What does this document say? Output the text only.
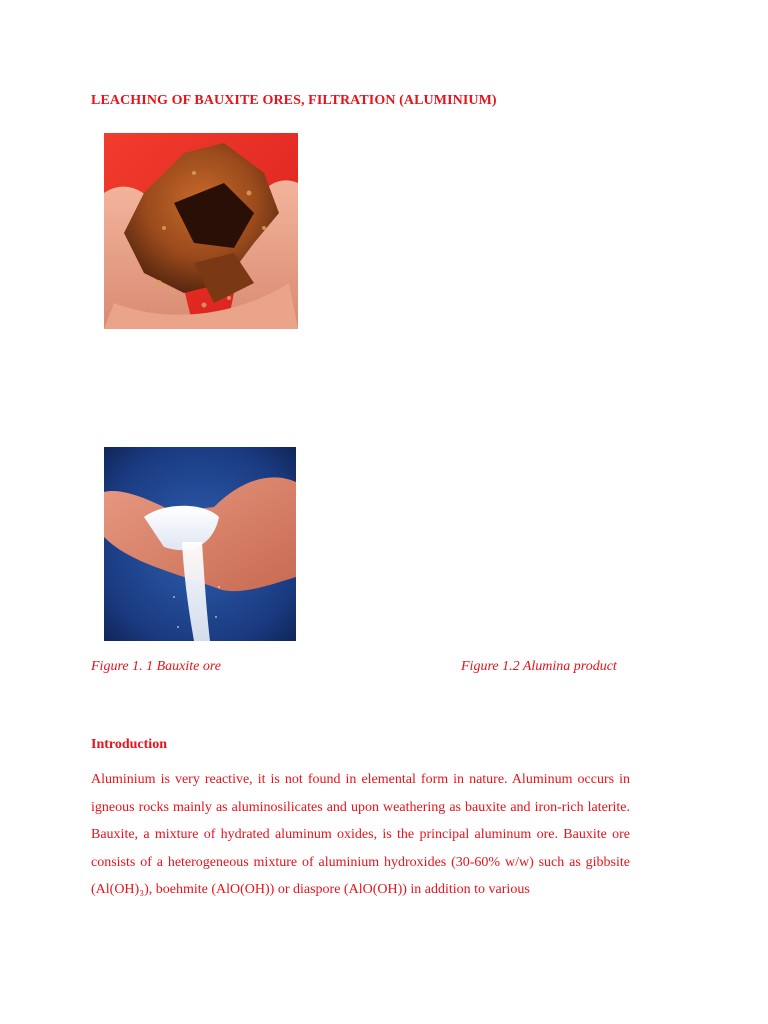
LEACHING OF BAUXITE ORES, FILTRATION (ALUMINIUM)
Figure 1. 1 Bauxite ore	Figure 1.2 Alumina product
Introduction

Aluminium is very reactive, it is not found in elemental form in nature. Aluminum occurs in igneous rocks mainly as aluminosilicates and upon weathering as bauxite and iron-rich laterite. Bauxite, a mixture of hydrated aluminum oxides, is the principal aluminum ore. Bauxite ore consists of a heterogeneous mixture of aluminium hydroxides (30-60% w/w) such as gibbsite (Al(OH)₃), boehmite (AlO(OH)) or diaspore (AlO(OH)) in addition to various
